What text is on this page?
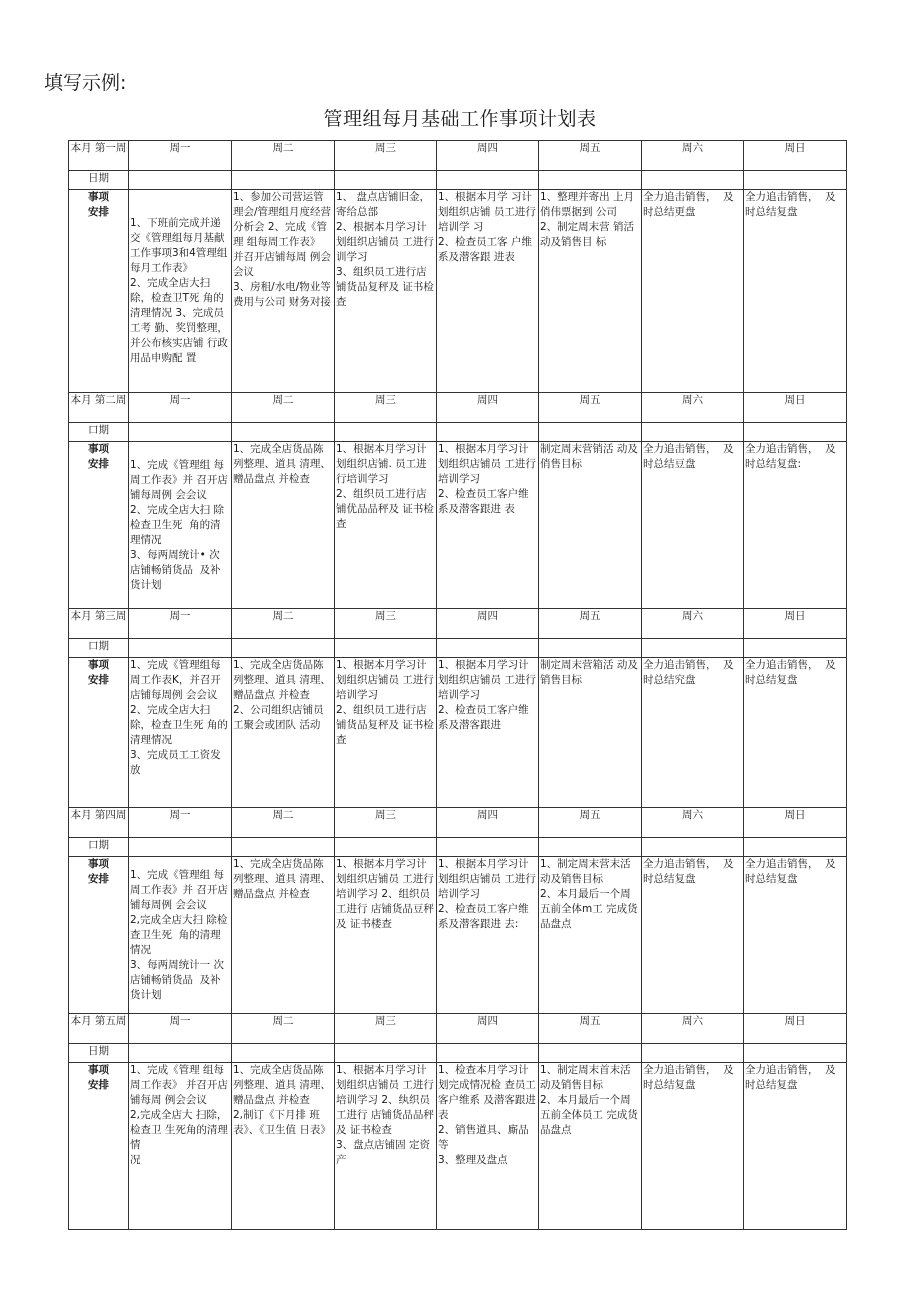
填写示例:
管理组每月基础工作事项计划表
本月 第一周	周一	周二	周三	周四	周五	周六	周日
日期							
事项
安排	1、下班前完成并递交《管理组每月基献工作事项3和4管理组每月工作表》
2、完成全店大扫除，检查卫T死 角的清理情况 3、完成员工考 勤、奖罚整理，  并公布核实店铺 行政用品申购配 置	1、参加公司营运管理会/管理组月度经营分析会 2、完成《管理 组每周工作表》 并召开店铺每周 例会会议
3、房租/水电/物业等费用与公司 财务对接	1、 盘点店铺旧金，寄给总部
2、根据本月学习计划组织店铺员 工进行训学习
3、组织员工进行店铺货品复秤及 证书检查	1、根据本月学 习计划组织店铺 员工进行培训学 习
2、检查员工客 户维系及潜客跟 进表	1、整理并寄出 上月俏伟票据到 公司
2、制定周末营 销活动及销售目 标	全力追击销售，  及时总结更盘	全力追击销售，  及时总结复盘
本月 第二周	周一	周二	周三	周四	周五	周六	周日
口期							
事项
安排	1、完成《管理组 每周工作表》并 召开店铺每周例 会会议
2、完成全店大扫 除检查卫生死  角的清理情况
3、每两周统计• 次店铺畅销货品  及补货计划	1、完成全店货品陈列整理、道具 清理、赠品盘点 并检查	1、根据本月学习计划组织店铺. 员工进行培训学习
2、组织员工进行店铺优品品秤及 证书检查	1、根据本月学习计划组织店铺员 工进行培训学习
2、检查员工客户维系及潜客跟进 表	制定周末营销活 动及俏售目标	全力追击销售，  及时总结豆盘	全力追击销售，  及时总结复盘:
本月 第三周	周一	周二	周三	周四	周五	周六	周日
口期							
事项
安排	1、完成《管理组每周工作表K，并召开店铺每周例 会会议
2、完成全店大扫除，检查卫生死 角的清理情况
3、完成员工工资发放	1、完成全店货品陈列整理、道具 清理、赠品盘点 并检查
2、公司组织店铺员工聚会或团队 活动	1、根据本月学习计划组织店铺员 工进行培训学习
2、组织员工进行店铺货品复秤及 证书检查	1、根据本月学习计划组织店铺员 工进行培训学习
2、检查员工客户维系及潜客跟进	制定周末营箱活 动及销售目标	全力追击销售，  及时总结究盘	全力追击销售，  及时总结复盘
本月 第四周	周一	周二	周三	周四	周五	周六	周日
口期							
事项
安排	1、完成《管理组 每周工作表》并 召开店铺每周例 会会议
2,完成全店大扫 除检查卫生死  角的清理情况
3、每两周统计一 次店铺畅销货品  及补货计划	1、完成全店货品陈列整理、道具 清理、赠品盘点 并检查	1、根据本月学习计划组织店铺员 工进行培训学习 2、组织员工进行 店铺货品豆秤及 证书楼查	1、根据本月学习计划组织店铺员 工进行培训学习
2、检查员工客户维系及潜客跟进 去:	1、制定周末营末活动及销售目标
2、本月最后一个周五前全体m工 完成货品盘点	全力追击销售，  及时总结复盘	全力追击销售，  及时总结复盘
本月 第五周	周一	周二	周三	周四	周五	周六	周日
日期							
事项
安排	1、完成《管理 组每周工作表》 并召开店铺每周 例会会议
2,完成全店大 扫除，检查卫 生死角的清理情
况	1、完成全店货品陈列整理、道具 清理、赠品盘点 并检查
2,制订《下月排 班表》、《卫生值 日表》	1、根据本月学习计划组织店铺员 工进行培训学习 2、纨织员工进行 店铺货品品秤及 证书检查
3、盘点店铺固 定资产	1、检查本月学习计划完成情况检 查员工客户维系 及潜客跟进表
2、销售道具、廝品等
3、整理及盘点	1、制定周末首末活动及销售目标
2、本月最后一个周五前全体员工 完成货品盘点	全力追击销售，  及时总结复盘	全力追击销售，  及时总结复盘
